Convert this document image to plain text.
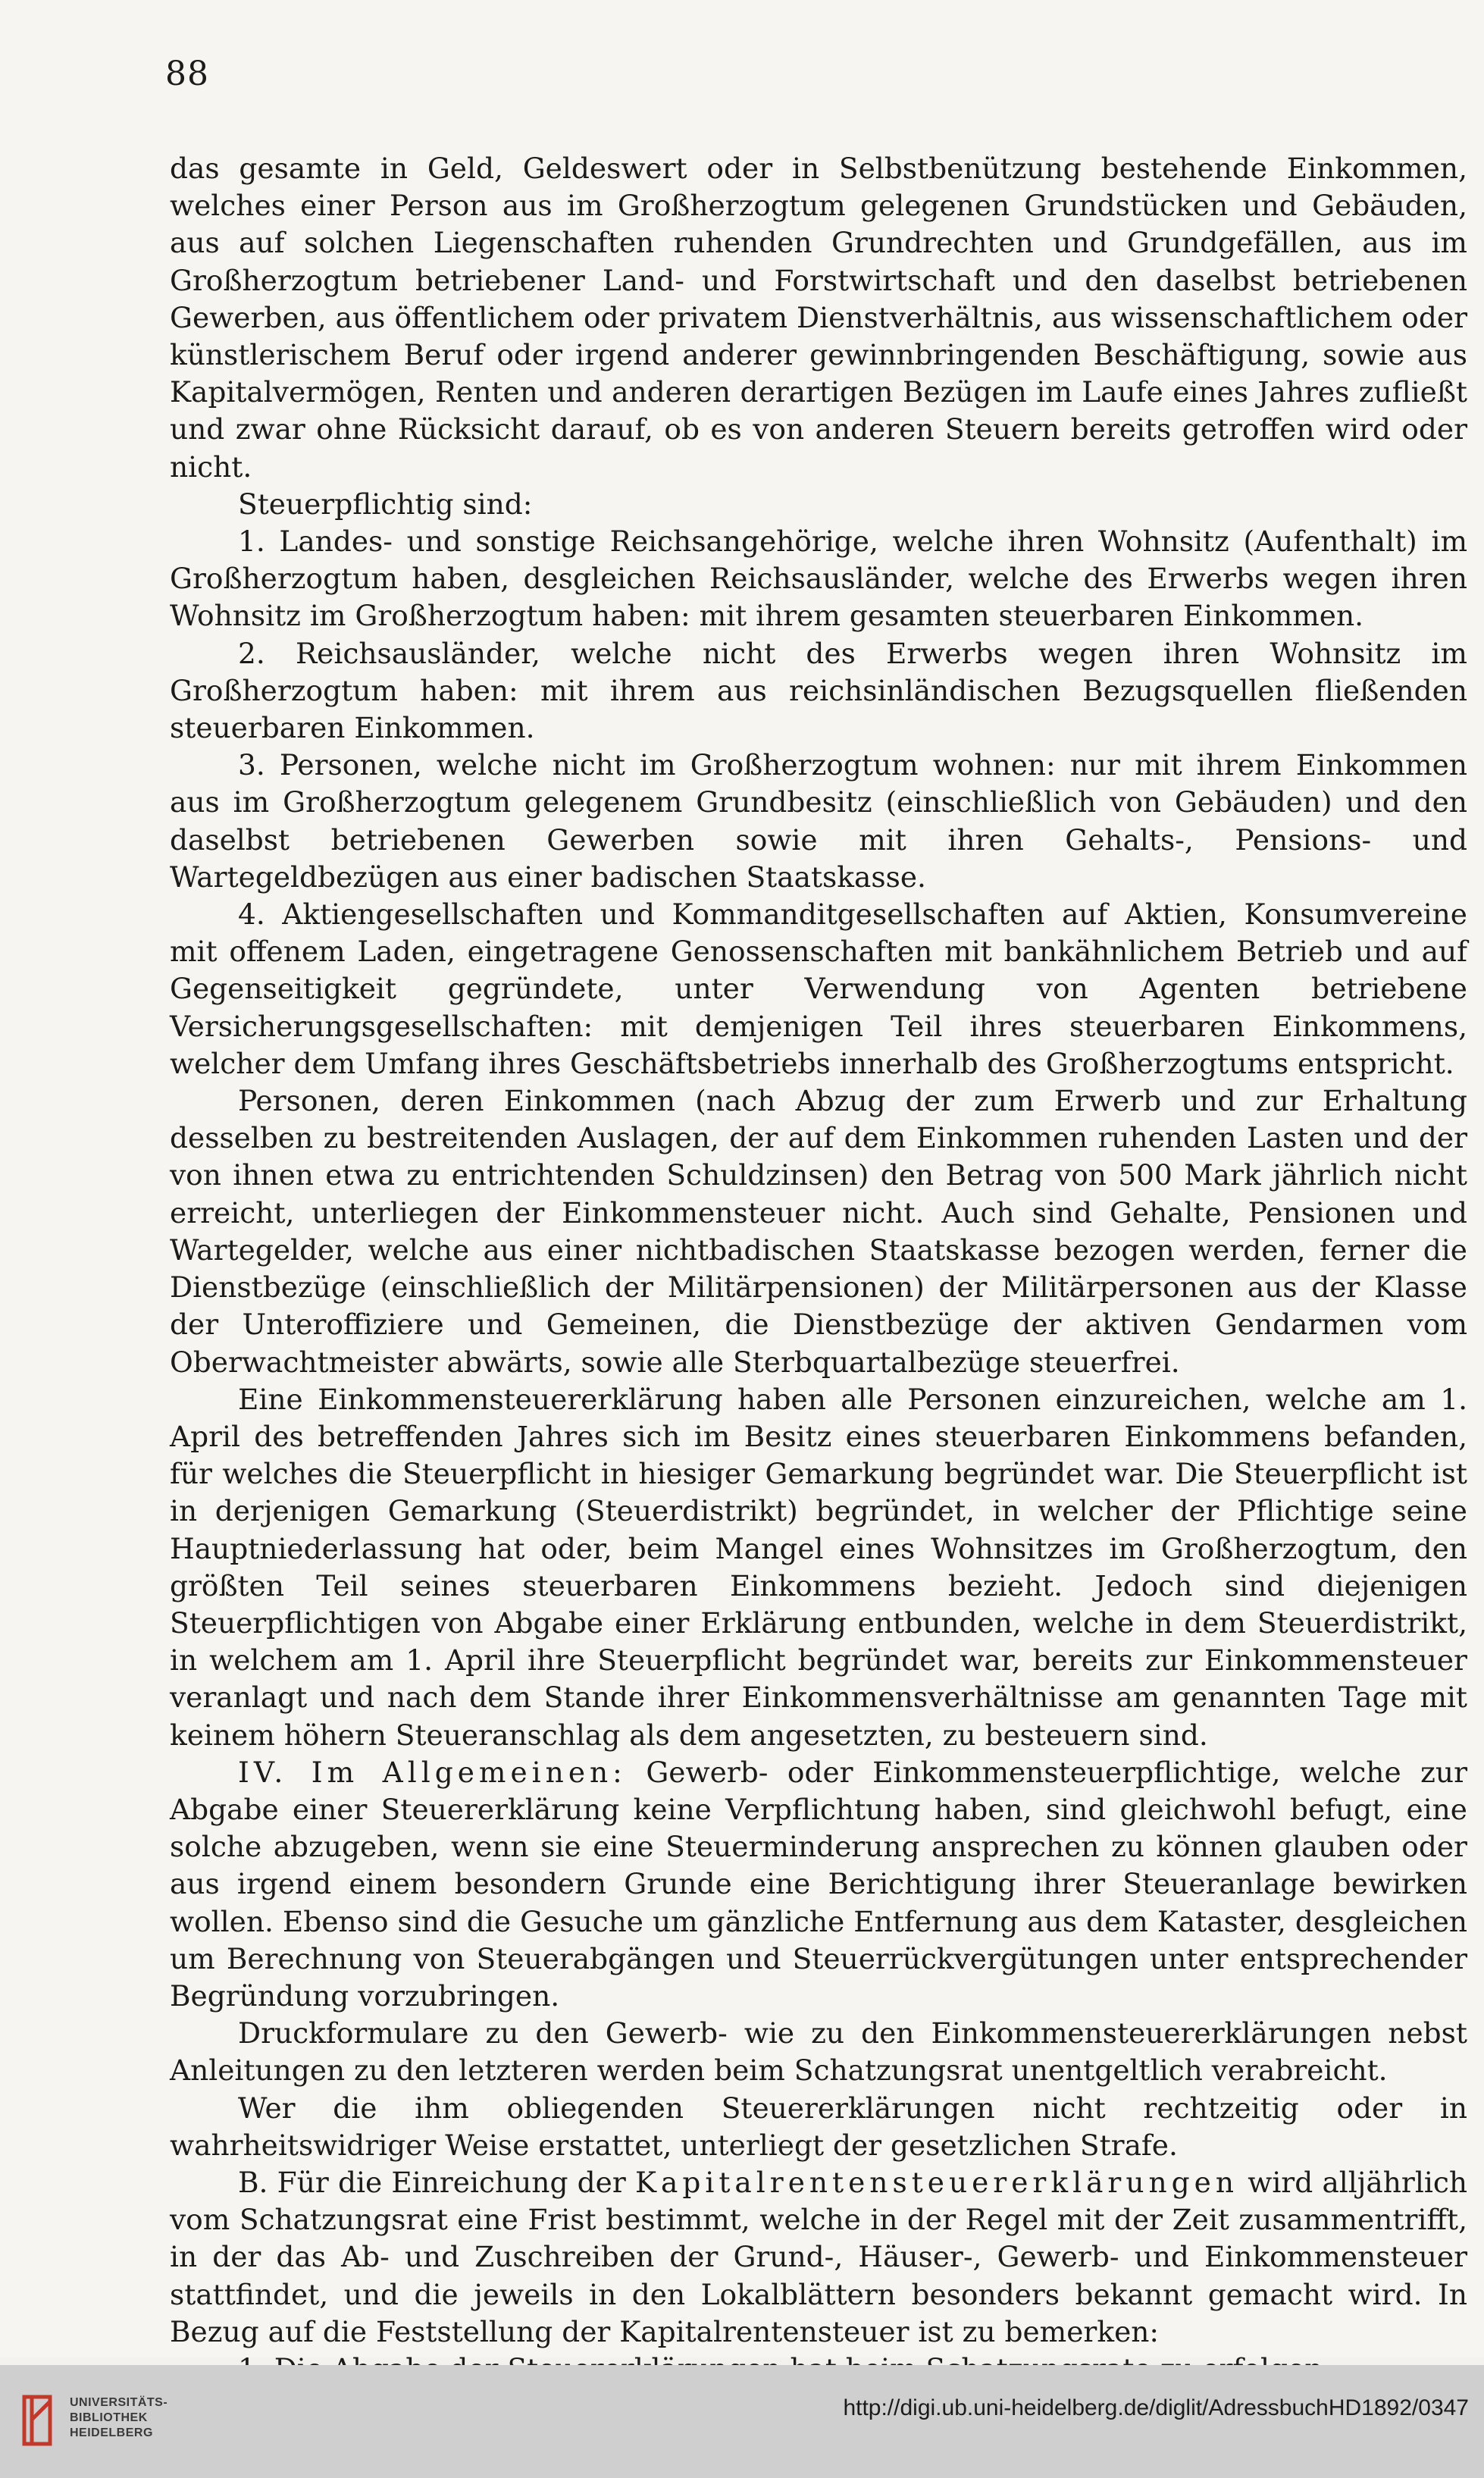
88

das gesamte in Geld, Geldeswert oder in Selbstbenützung bestehende Einkommen, welches einer Person aus im Großherzogtum gelegenen Grundstücken und Gebäuden, aus auf solchen Liegenschaften ruhenden Grundrechten und Grundgefällen, aus im Großherzogtum betriebener Land- und Forstwirtschaft und den daselbst betriebenen Gewerben, aus öffentlichem oder privatem Dienstverhältnis, aus wissenschaftlichem oder künstlerischem Beruf oder irgend anderer gewinnbringenden Beschäftigung, sowie aus Kapitalvermögen, Renten und anderen derartigen Bezügen im Laufe eines Jahres zufließt und zwar ohne Rücksicht darauf, ob es von anderen Steuern bereits getroffen wird oder nicht.

Steuerpflichtig sind:

1. Landes- und sonstige Reichsangehörige, welche ihren Wohnsitz (Aufenthalt) im Großherzogtum haben, desgleichen Reichsausländer, welche des Erwerbs wegen ihren Wohnsitz im Großherzogtum haben: mit ihrem gesamten steuerbaren Einkommen.

2. Reichsausländer, welche nicht des Erwerbs wegen ihren Wohnsitz im Großherzogtum haben: mit ihrem aus reichsinländischen Bezugsquellen fließenden steuerbaren Einkommen.

3. Personen, welche nicht im Großherzogtum wohnen: nur mit ihrem Einkommen aus im Großherzogtum gelegenem Grundbesitz (einschließlich von Gebäuden) und den daselbst betriebenen Gewerben sowie mit ihren Gehalts-, Pensions- und Wartegeldbezügen aus einer badischen Staatskasse.

4. Aktiengesellschaften und Kommanditgesellschaften auf Aktien, Konsumvereine mit offenem Laden, eingetragene Genossenschaften mit bankähnlichem Betrieb und auf Gegenseitigkeit gegründete, unter Verwendung von Agenten betriebene Versicherungsgesellschaften: mit demjenigen Teil ihres steuerbaren Einkommens, welcher dem Umfang ihres Geschäftsbetriebs innerhalb des Großherzogtums entspricht.

Personen, deren Einkommen (nach Abzug der zum Erwerb und zur Erhaltung desselben zu bestreitenden Auslagen, der auf dem Einkommen ruhenden Lasten und der von ihnen etwa zu entrichtenden Schuldzinsen) den Betrag von 500 Mark jährlich nicht erreicht, unterliegen der Einkommensteuer nicht. Auch sind Gehalte, Pensionen und Wartegelder, welche aus einer nichtbadischen Staatskasse bezogen werden, ferner die Dienstbezüge (einschließlich der Militärpensionen) der Militärpersonen aus der Klasse der Unteroffiziere und Gemeinen, die Dienstbezüge der aktiven Gendarmen vom Oberwachtmeister abwärts, sowie alle Sterbquartalbezüge steuerfrei.

Eine Einkommensteuererklärung haben alle Personen einzureichen, welche am 1. April des betreffenden Jahres sich im Besitz eines steuerbaren Einkommens befanden, für welches die Steuerpflicht in hiesiger Gemarkung begründet war. Die Steuerpflicht ist in derjenigen Gemarkung (Steuerdistrikt) begründet, in welcher der Pflichtige seine Hauptniederlassung hat oder, beim Mangel eines Wohnsitzes im Großherzogtum, den größten Teil seines steuerbaren Einkommens bezieht. Jedoch sind diejenigen Steuerpflichtigen von Abgabe einer Erklärung entbunden, welche in dem Steuerdistrikt, in welchem am 1. April ihre Steuerpflicht begründet war, bereits zur Einkommensteuer veranlagt und nach dem Stande ihrer Einkommensverhältnisse am genannten Tage mit keinem höhern Steueranschlag als dem angesetzten, zu besteuern sind.

IV. Im Allgemeinen: Gewerb- oder Einkommensteuerpflichtige, welche zur Abgabe einer Steuererklärung keine Verpflichtung haben, sind gleichwohl befugt, eine solche abzugeben, wenn sie eine Steuerminderung ansprechen zu können glauben oder aus irgend einem besondern Grunde eine Berichtigung ihrer Steueranlage bewirken wollen. Ebenso sind die Gesuche um gänzliche Entfernung aus dem Kataster, desgleichen um Berechnung von Steuerabgängen und Steuerrückvergütungen unter entsprechender Begründung vorzubringen.

Druckformulare zu den Gewerb- wie zu den Einkommensteuererklärungen nebst Anleitungen zu den letzteren werden beim Schatzungsrat unentgeltlich verabreicht.

Wer die ihm obliegenden Steuererklärungen nicht rechtzeitig oder in wahrheitswidriger Weise erstattet, unterliegt der gesetzlichen Strafe.

B. Für die Einreichung der Kapitalrentensteuererklärungen wird alljährlich vom Schatzungsrat eine Frist bestimmt, welche in der Regel mit der Zeit zusammentrifft, in der das Ab- und Zuschreiben der Grund-, Häuser-, Gewerb- und Einkommensteuer stattfindet, und die jeweils in den Lokalblättern besonders bekannt gemacht wird. In Bezug auf die Feststellung der Kapitalrentensteuer ist zu bemerken:

UNIVERSITÄTS-
BIBLIOTHEK
HEIDELBERG
http://digi.ub.uni-heidelberg.de/diglit/AdressbuchHD1892/0347
